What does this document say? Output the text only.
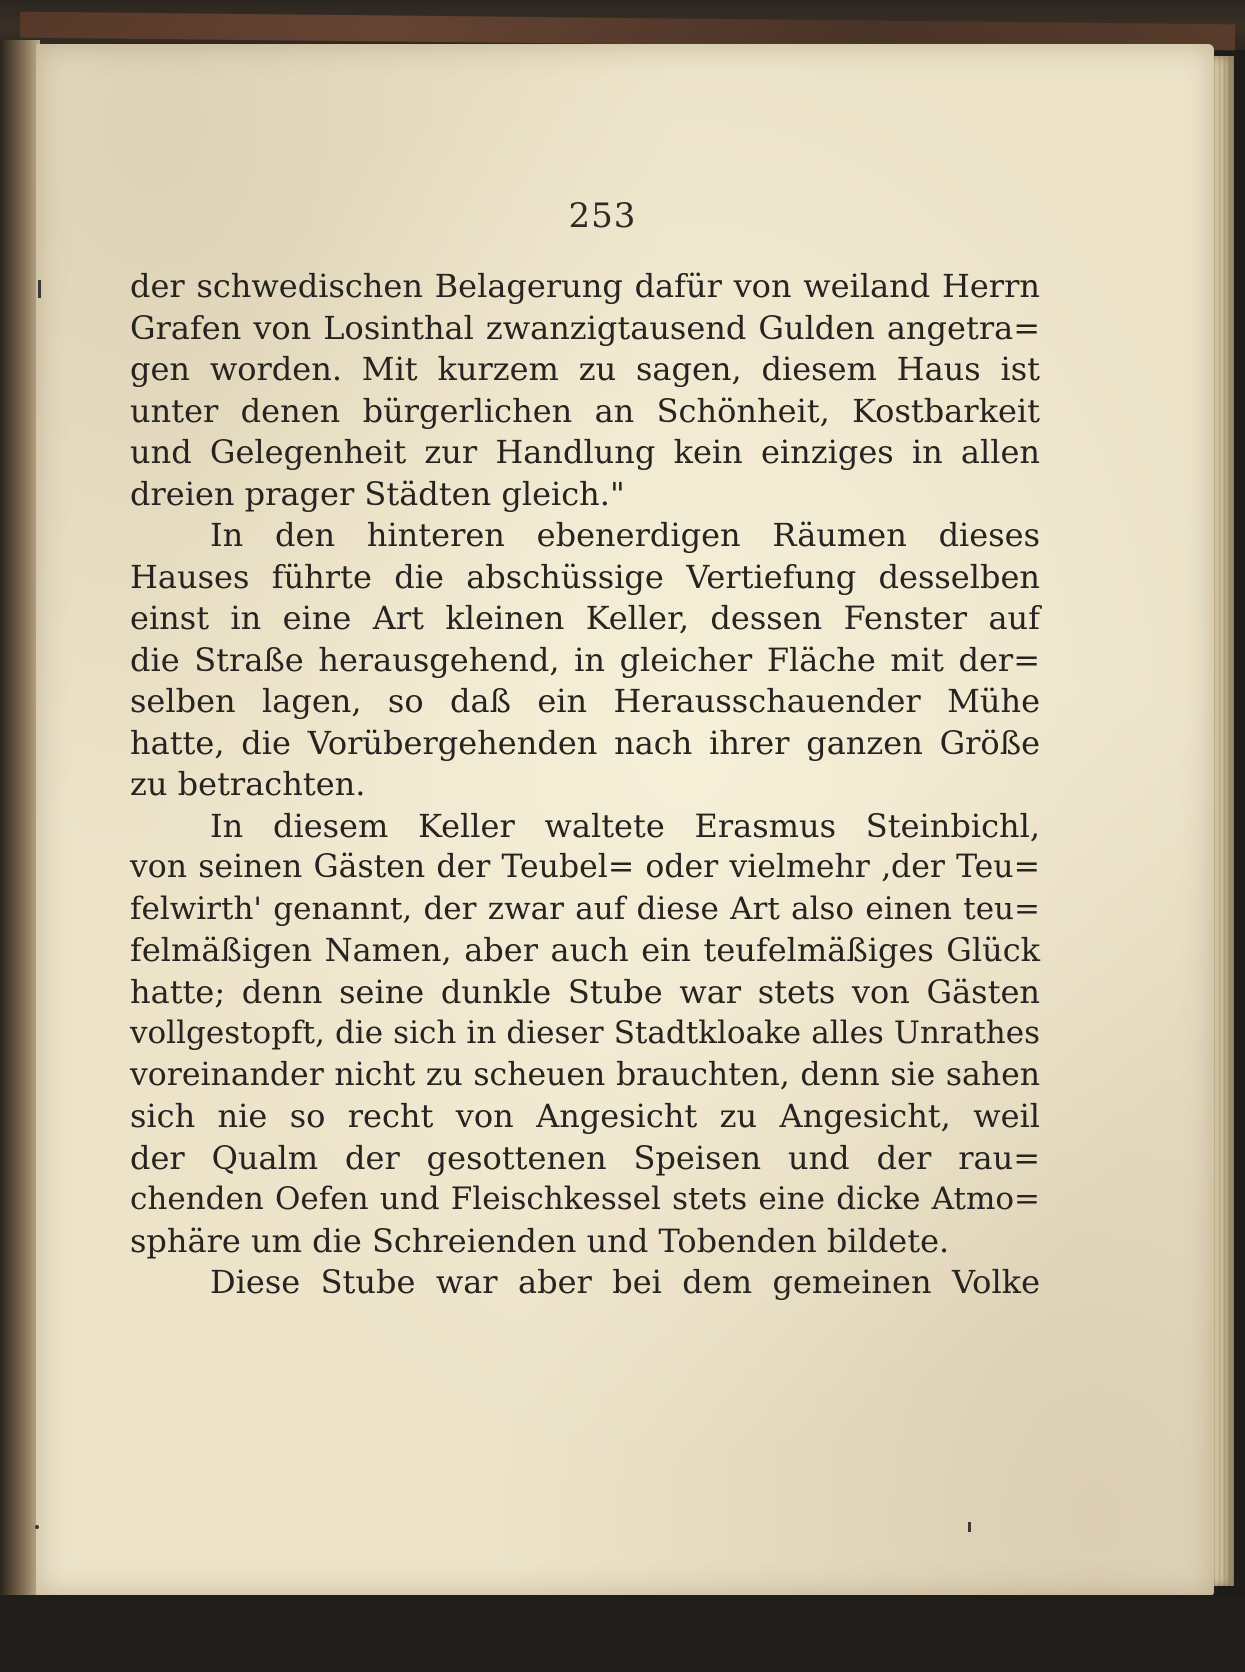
253
der schwedischen Belagerung dafür von weiland Herrn
Grafen von Losinthal zwanzigtausend Gulden angetra=
gen worden. Mit kurzem zu sagen, diesem Haus ist
unter denen bürgerlichen an Schönheit, Kostbarkeit
und Gelegenheit zur Handlung kein einziges in allen
dreien prager Städten gleich."
In den hinteren ebenerdigen Räumen dieses
Hauses führte die abschüssige Vertiefung desselben
einst in eine Art kleinen Keller, dessen Fenster auf
die Straße herausgehend, in gleicher Fläche mit der=
selben lagen, so daß ein Herausschauender Mühe
hatte, die Vorübergehenden nach ihrer ganzen Größe
zu betrachten.
In diesem Keller waltete Erasmus Steinbichl,
von seinen Gästen der Teubel= oder vielmehr ‚der Teu=
felwirth' genannt, der zwar auf diese Art also einen teu=
felmäßigen Namen, aber auch ein teufelmäßiges Glück
hatte; denn seine dunkle Stube war stets von Gästen
vollgestopft, die sich in dieser Stadtkloake alles Unrathes
voreinander nicht zu scheuen brauchten, denn sie sahen
sich nie so recht von Angesicht zu Angesicht, weil
der Qualm der gesottenen Speisen und der rau=
chenden Oefen und Fleischkessel stets eine dicke Atmo=
sphäre um die Schreienden und Tobenden bildete.
Diese Stube war aber bei dem gemeinen Volke
